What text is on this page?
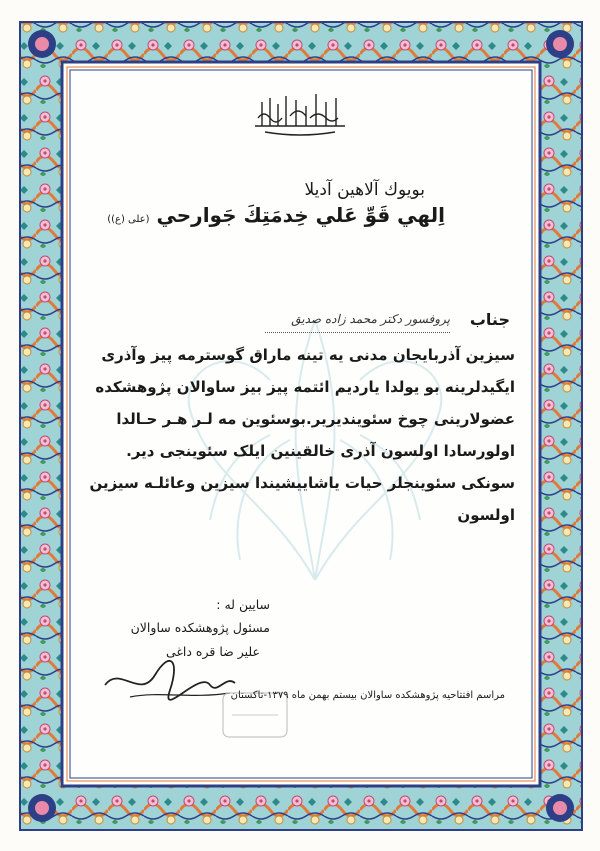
بويوك آلاهين آديلا
اِلهي قَوِّ عَلي خِدمَتِكَ جَوارحي (علی (ع))
جناب
پروفسور دکتر محمد زاده صدیق
سیزین آذربایجان مدنی یه تینه ماراق گوسترمه پیز وآذری
ایگیدلرینه بو یولدا یاردیم ائتمه پیز بیز ساوالان پژوهشکده
عضولارینی چوخ سئویندیریر.بوسئوین مه لـر هـر حـالدا
اولورسادا اولسون آذری خالقینین ایلک سئوینجی دیر.
سونکی سئوینجلر حیات یاشاییشیندا سیزین وعائلـه سیزین
اولسون
سایین له :
مسئول پژوهشکده ساوالان
علیر ضا قره داغی
مراسم افتتاحیه پژوهشکده ساوالان بیستم بهمن ماه ۱۳۷۹-تاکستان
